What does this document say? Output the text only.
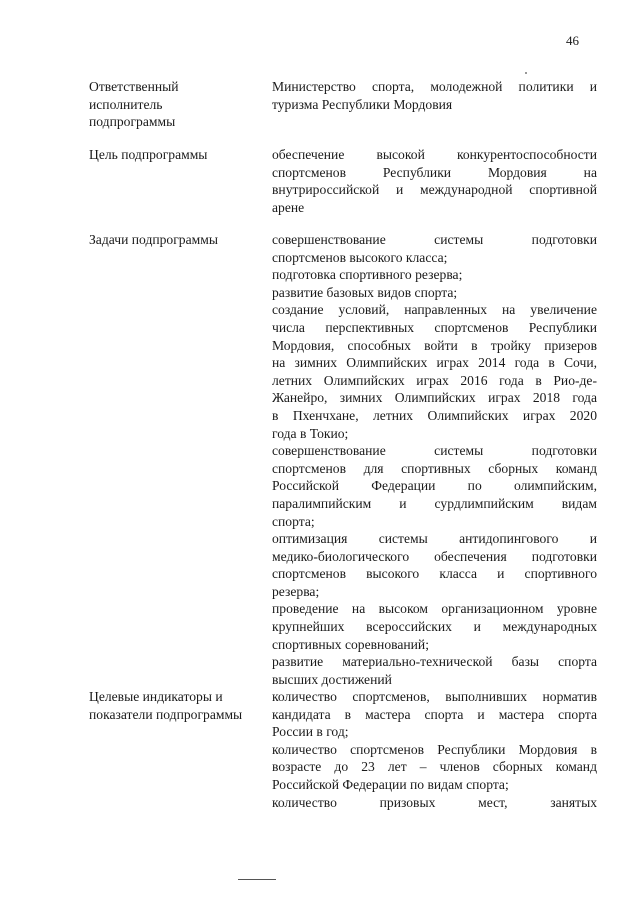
46
Ответственный
исполнитель
подпрограммы
Министерство спорта, молодежной политики и
туризма Республики Мордовия
Цель подпрограммы	обеспечение высокой конкурентоспособности
спортсменов Республики Мордовия на
внутрироссийской и международной спортивной
арене
Задачи подпрограммы	совершенствование системы подготовки
спортсменов высокого класса;
подготовка спортивного резерва;
развитие базовых видов спорта;
создание условий, направленных на увеличение
числа перспективных спортсменов Республики
Мордовия, способных войти в тройку призеров
на зимних Олимпийских играх 2014 года в Сочи,
летних Олимпийских играх 2016 года в Рио-де-
Жанейро, зимних Олимпийских играх 2018 года
в Пхенчхане, летних Олимпийских играх 2020
года в Токио;
совершенствование системы подготовки
спортсменов для спортивных сборных команд
Российской Федерации по олимпийским,
паралимпийским и сурдлимпийским видам
спорта;
оптимизация системы антидопингового и
медико-биологического обеспечения подготовки
спортсменов высокого класса и спортивного
резерва;
проведение на высоком организационном уровне
крупнейших всероссийских и международных
спортивных соревнований;
развитие материально-технической базы спорта
высших достижений
Целевые индикаторы и
показатели подпрограммы
количество спортсменов, выполнивших норматив
кандидата в мастера спорта и мастера спорта
России в год;
количество спортсменов Республики Мордовия в
возрасте до 23 лет – членов сборных команд
Российской Федерации по видам спорта;
количество призовых мест, занятых
